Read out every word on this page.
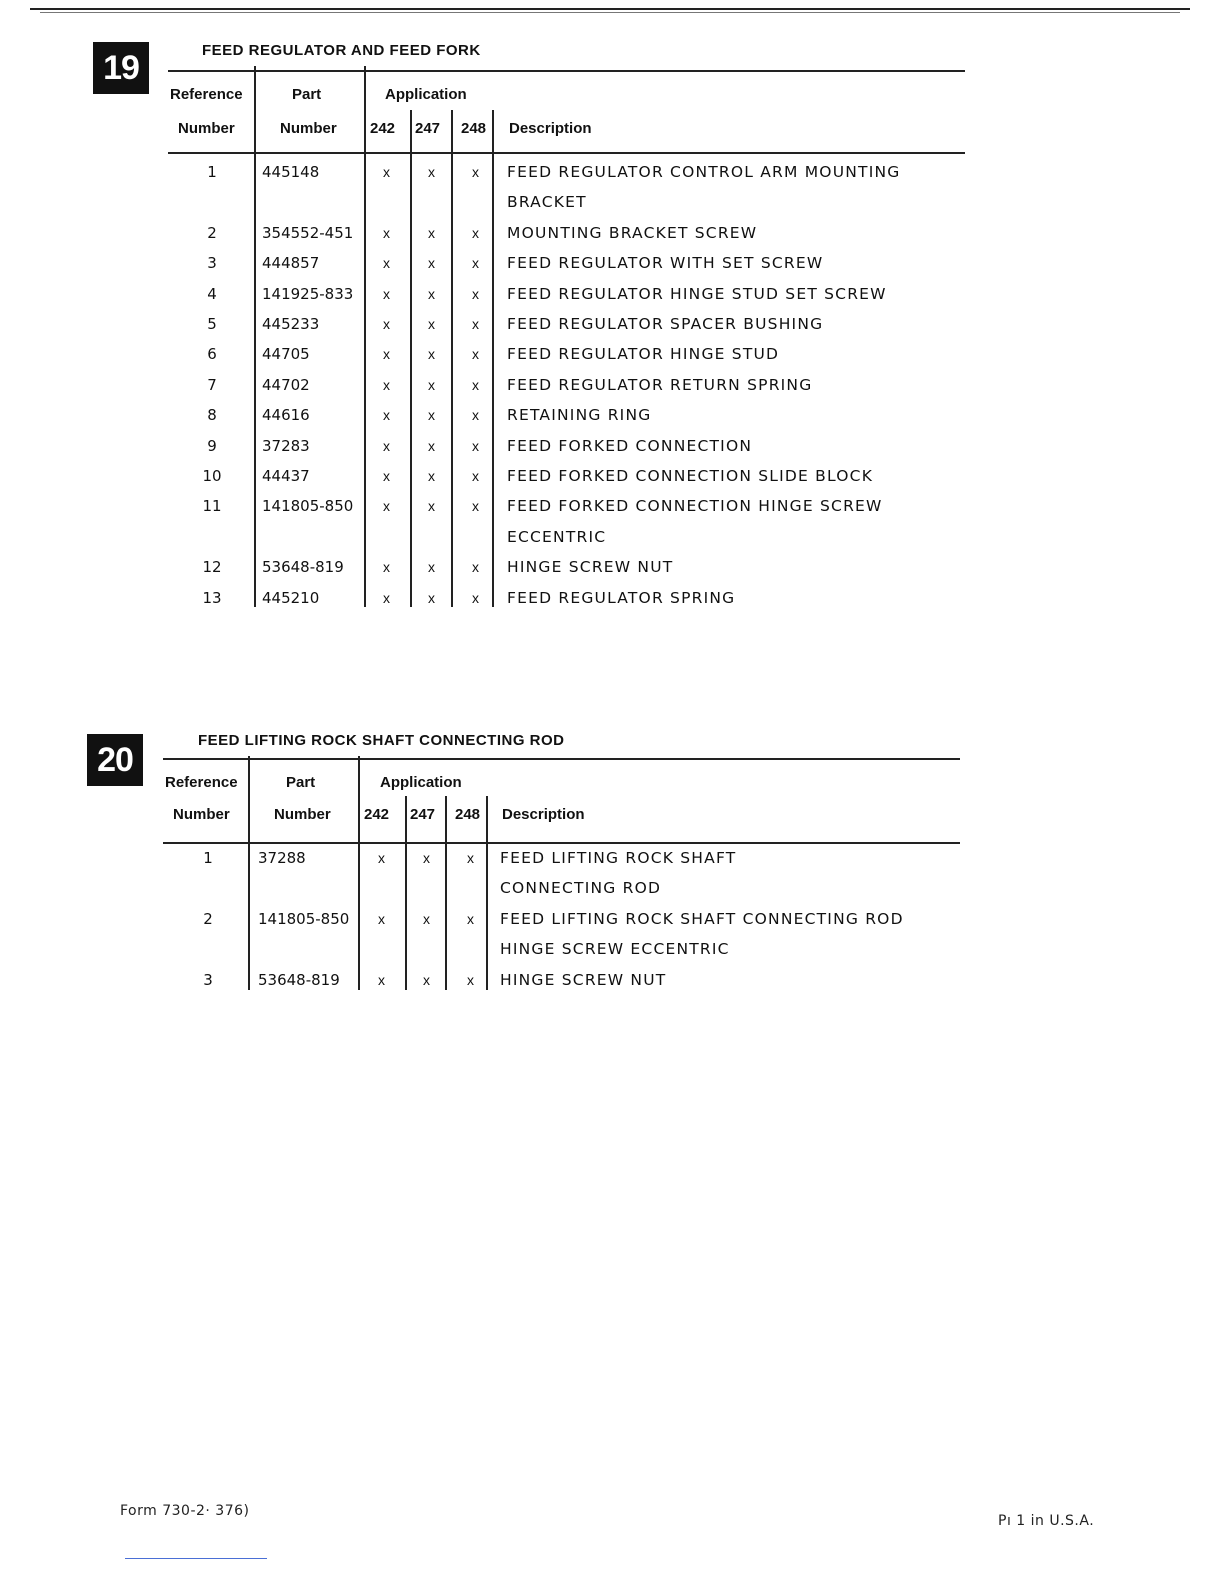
19	FEED REGULATOR AND FEED FORK
Reference
Number
Part
Number
Application
242 247 248 Description
1	445148	x	x	x FEED REGULATOR CONTROL ARM MOUNTING
BRACKET
2	354552-451 x	x	x MOUNTING BRACKET SCREW
3	444857	x	x	x FEED REGULATOR WITH SET SCREW
4	141925-833 x	x	x FEED REGULATOR HINGE STUD SET SCREW
5	445233	x	x	x FEED REGULATOR SPACER BUSHING
6	44705	x	x	x FEED REGULATOR HINGE STUD
7	44702	x	x	x FEED REGULATOR RETURN SPRING
8	44616	x	x	x RETAINING RING
9	37283	x	x	x FEED FORKED CONNECTION
10	44437	x	x	x FEED FORKED CONNECTION SLIDE BLOCK
11	141805-850 x	x	x FEED FORKED CONNECTION HINGE SCREW
ECCENTRIC
12	53648-819	x	x	x HINGE SCREW NUT
13	445210	x	x	x FEED REGULATOR SPRING
20	FEED LIFTING ROCK SHAFT CONNECTING ROD
Reference
Number
Part
Number
Application
242 247 248 Description
1	37288	x	x	x FEED LIFTING ROCK SHAFT
CONNECTING ROD
2	141805-850 x	x	x FEED LIFTING ROCK SHAFT CONNECTING ROD
HINGE SCREW ECCENTRIC
3	53648-819	x	x	x HINGE SCREW NUT
Form 730-2· 376)
Pı 1 in U.S.A.
